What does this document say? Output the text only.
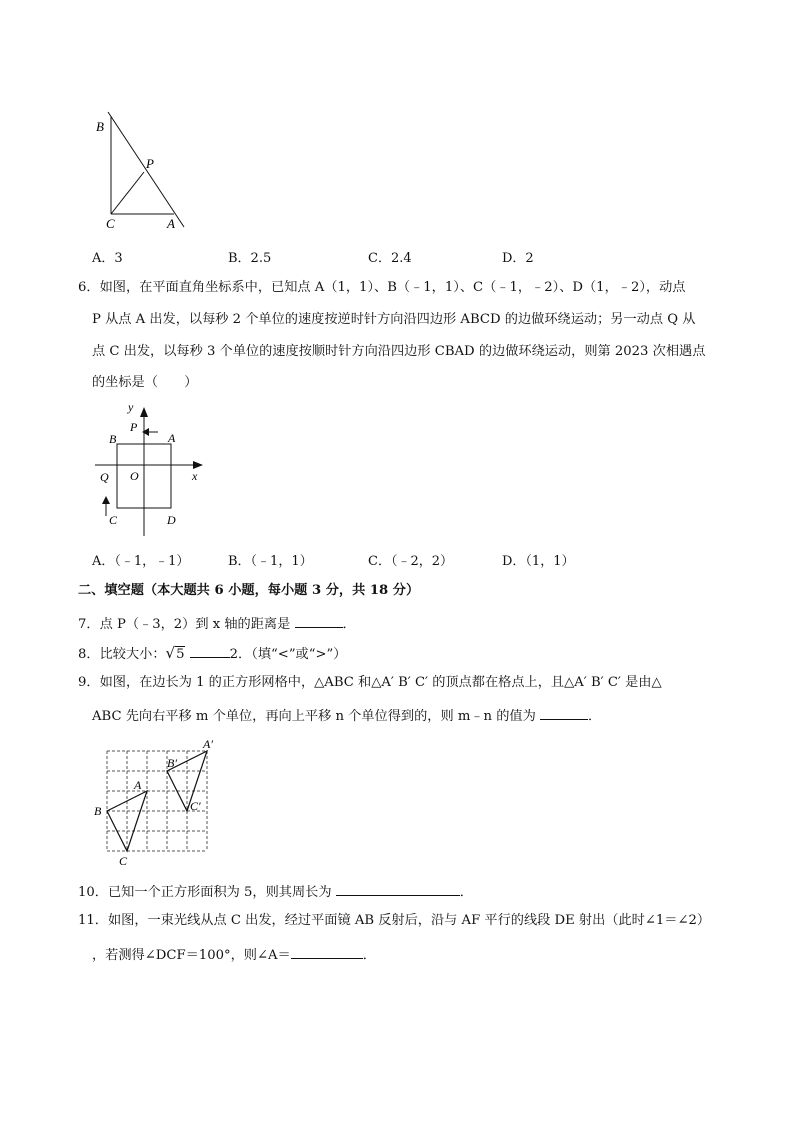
B
P
C	A
A．3	B．2.5	C．2.4	D．2
6．如图，在平面直角坐标系中，已知点 A（1，1）、B（﹣1，1）、C（﹣1，﹣2）、D（1，﹣2），动点
P 从点 A 出发，以每秒 2 个单位的速度按逆时针方向沿四边形 ABCD 的边做环绕运动；另一动点 Q 从
点 C 出发，以每秒 3 个单位的速度按顺时针方向沿四边形 CBAD 的边做环绕运动，则第 2023 次相遇点
的坐标是（　　）
y
x
P
B	A
O
Q
C	D
A．（﹣1，﹣1）	B．（﹣1，1）	C．（﹣2，2）	D．（1，1）
二、填空题（本大题共 6 小题，每小题 3 分，共 18 分）
7．点 P（﹣3，2）到 x 轴的距离是	．
8．比较大小：√5	2．（填“<”或“>”）
9．如图，在边长为 1 的正方形网格中，△ABC 和△A′ B′ C′ 的顶点都在格点上，且△A′ B′ C′ 是由△
ABC 先向右平移 m 个单位，再向上平移 n 个单位得到的，则 m﹣n 的值为	．
A′
B′
C′
A
B
C
10．已知一个正方形面积为 5，则其周长为	．
11．如图，一束光线从点 C 出发，经过平面镜 AB 反射后，沿与 AF 平行的线段 DE 射出（此时∠1＝∠2）
，若测得∠DCF＝100°，则∠A＝	．
